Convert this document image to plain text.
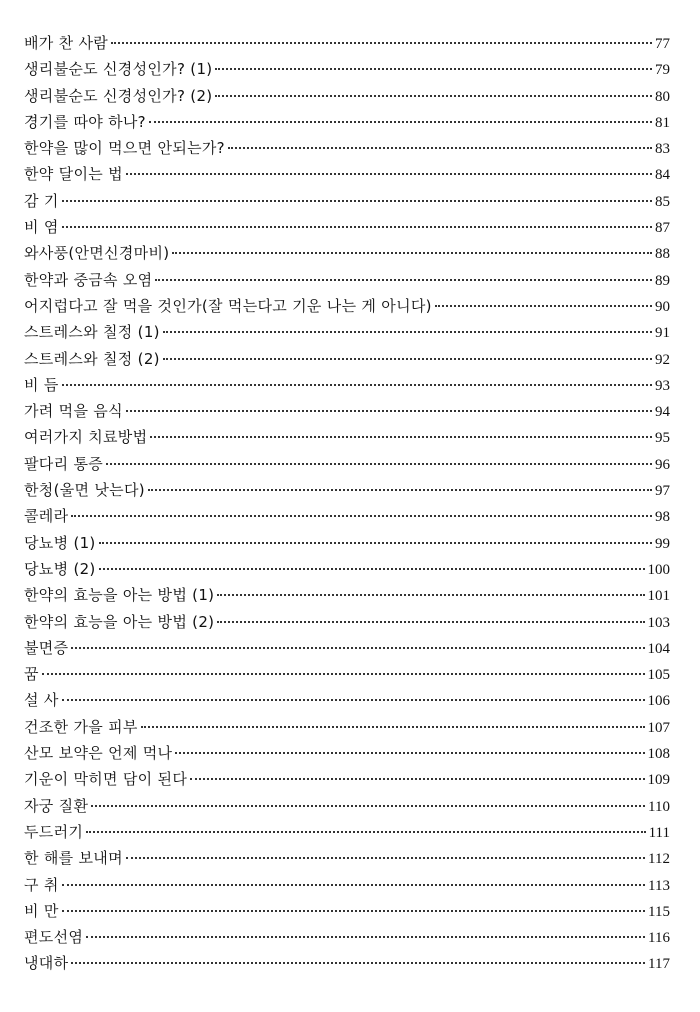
배가 찬 사람	77
생리불순도 신경성인가? (1)	79
생리불순도 신경성인가? (2)	80
경기를 따야 하나?	81
한약을 많이 먹으면 안되는가?	83
한약 달이는 법	84
감 기	85
비 염	87
와사풍(안면신경마비)	88
한약과 중금속 오염	89
어지럽다고 잘 먹을 것인가(잘 먹는다고 기운 나는 게 아니다)	90
스트레스와 칠정 (1)	91
스트레스와 칠정 (2)	92
비 듬	93
가려 먹을 음식	94
여러가지 치료방법	95
팔다리 통증	96
한청(울면 낫는다)	97
콜레라	98
당뇨병 (1)	99
당뇨병 (2)	100
한약의 효능을 아는 방법 (1)	101
한약의 효능을 아는 방법 (2)	103
불면증	104
꿈	105
설 사	106
건조한 가을 피부	107
산모 보약은 언제 먹나	108
기운이 막히면 담이 된다	109
자궁 질환	110
두드러기	111
한 해를 보내며	112
구 취	113
비 만	115
편도선염	116
냉대하	117
